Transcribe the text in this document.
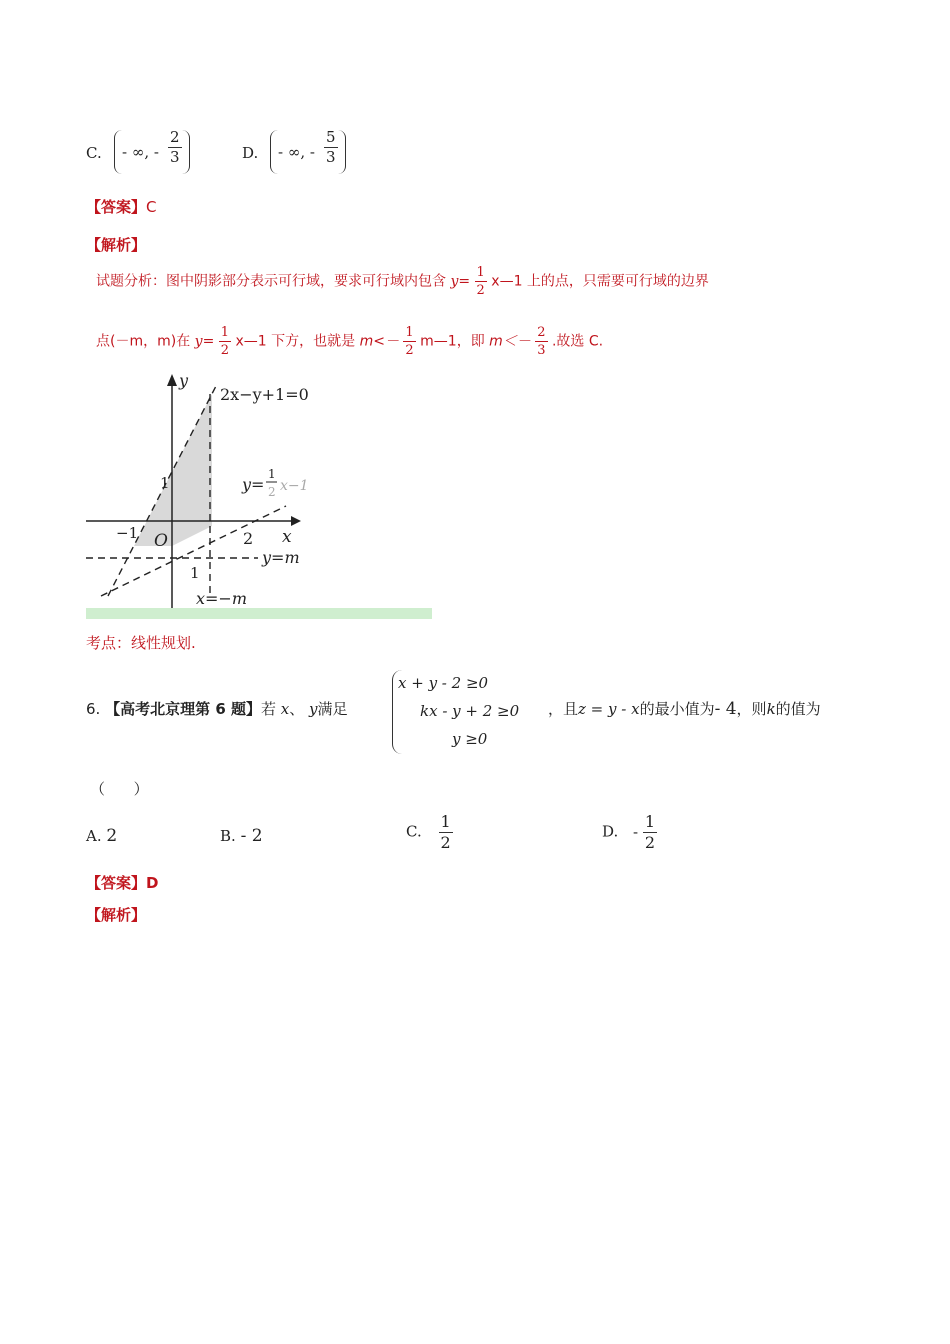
C. - ∞, - $\frac{2}{3}$	D. - ∞, - $\frac{5}{3}$
【答案】C
【解析】
试题分析：图中阴影部分表示可行域，要求可行域内包含 $y= \frac{1}{2}$ x—1 上的点，只需要可行域的边界
点(－m，m)在 $y= \frac{1}{2}$ x—1 下方，也就是 $m<- \frac{1}{2}$ m—1，即 $m<- \frac{2}{3}$ .故选 C.
y
x
2x−y+1=0
y=
1
2 x−1
1
−1 O	2
1
y=m
x=−m
考点：线性规划.
6. 【高考北京理第 6 题】若 x、 y满足
x + y - 2 ≥0
kx - y + 2 ≥0
y ≥0
，且z = y - x的最小值为- 4，则k的值为
（      ）
A. 2	B. - 2	C. $\frac{1}{2}$	D. - $\frac{1}{2}$
【答案】D
【解析】
